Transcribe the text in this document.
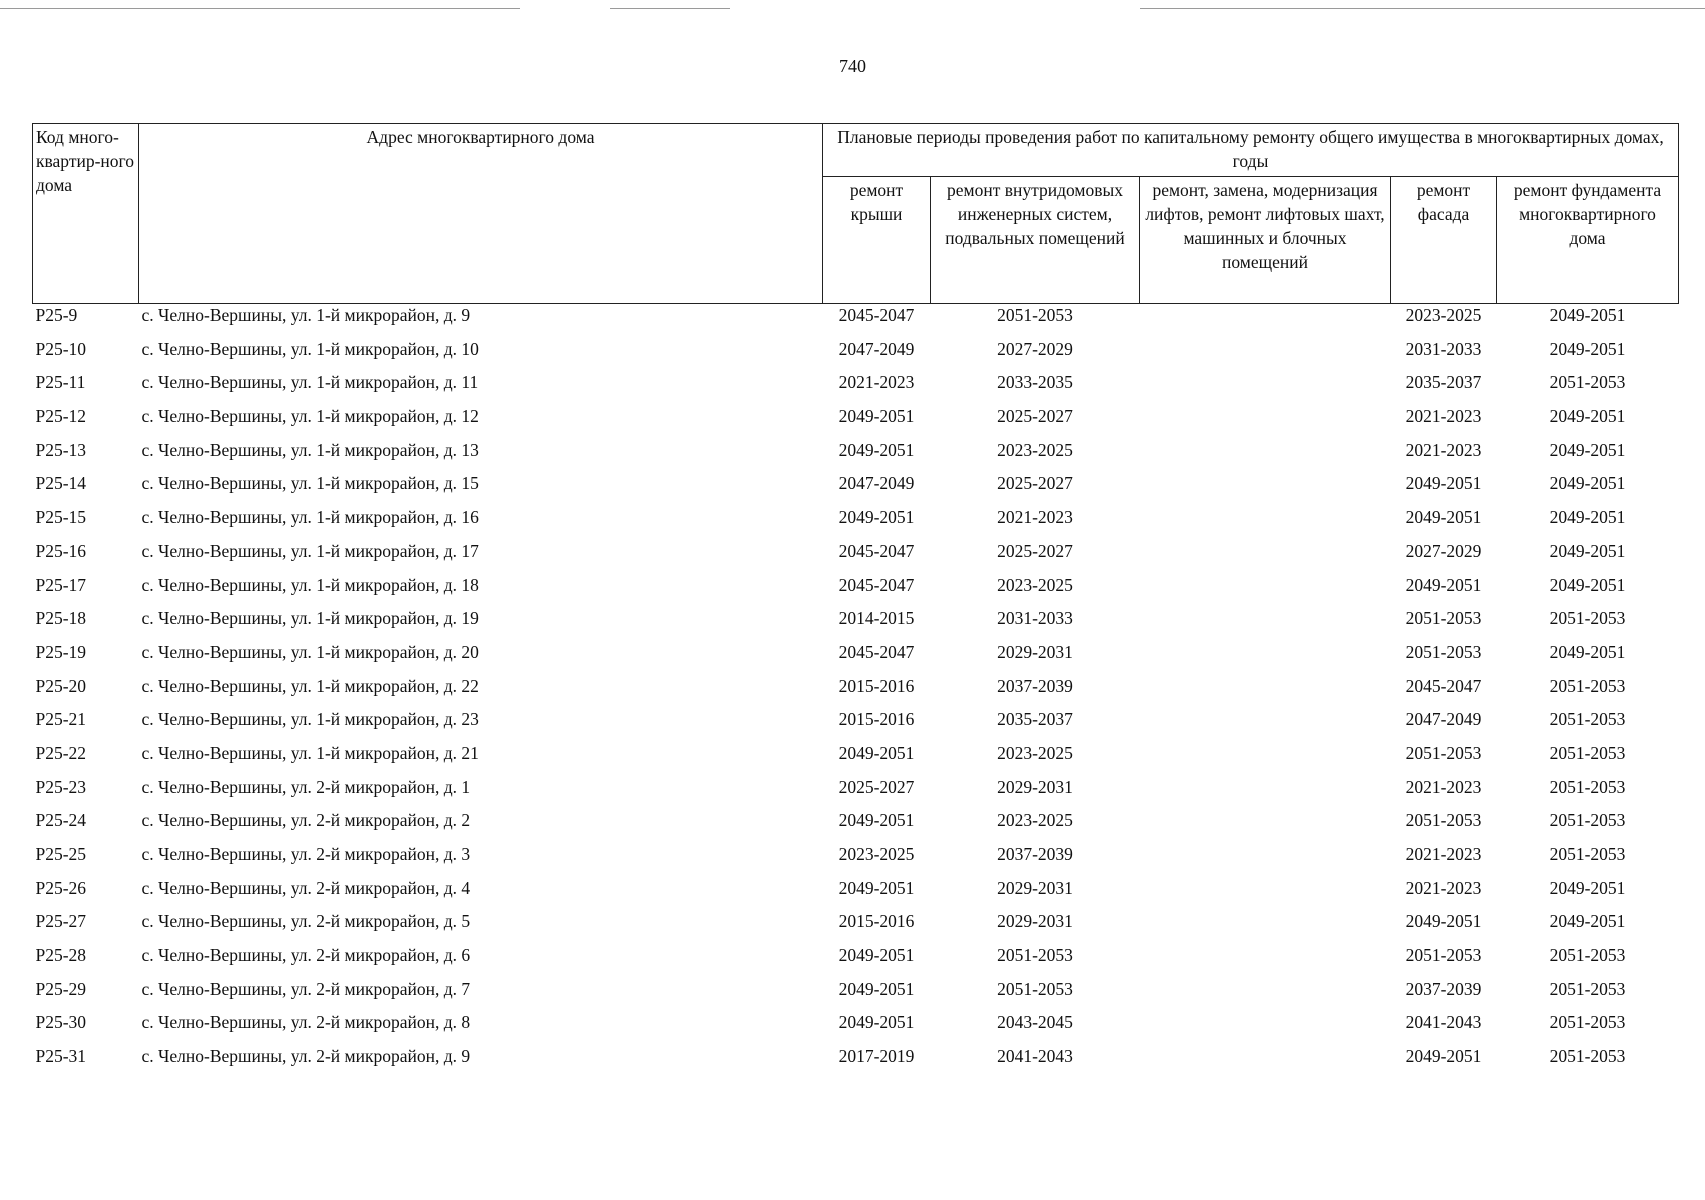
740
Код много-квартир-ного дома	Адрес многоквартирного дома	Плановые периоды проведения работ по капитальному ремонту общего имущества в многоквартирных домах, годы				
		ремонт крыши	ремонт внутридомовых инженерных систем, подвальных помещений	ремонт, замена, модернизация лифтов, ремонт лифтовых шахт, машинных и блочных помещений	ремонт фасада	ремонт фундамента многоквартирного дома
Р25-9	с. Челно-Вершины, ул. 1-й микрорайон, д. 9	2045-2047	2051-2053		2023-2025	2049-2051
Р25-10	с. Челно-Вершины, ул. 1-й микрорайон, д. 10	2047-2049	2027-2029		2031-2033	2049-2051
Р25-11	с. Челно-Вершины, ул. 1-й микрорайон, д. 11	2021-2023	2033-2035		2035-2037	2051-2053
Р25-12	с. Челно-Вершины, ул. 1-й микрорайон, д. 12	2049-2051	2025-2027		2021-2023	2049-2051
Р25-13	с. Челно-Вершины, ул. 1-й микрорайон, д. 13	2049-2051	2023-2025		2021-2023	2049-2051
Р25-14	с. Челно-Вершины, ул. 1-й микрорайон, д. 15	2047-2049	2025-2027		2049-2051	2049-2051
Р25-15	с. Челно-Вершины, ул. 1-й микрорайон, д. 16	2049-2051	2021-2023		2049-2051	2049-2051
Р25-16	с. Челно-Вершины, ул. 1-й микрорайон, д. 17	2045-2047	2025-2027		2027-2029	2049-2051
Р25-17	с. Челно-Вершины, ул. 1-й микрорайон, д. 18	2045-2047	2023-2025		2049-2051	2049-2051
Р25-18	с. Челно-Вершины, ул. 1-й микрорайон, д. 19	2014-2015	2031-2033		2051-2053	2051-2053
Р25-19	с. Челно-Вершины, ул. 1-й микрорайон, д. 20	2045-2047	2029-2031		2051-2053	2049-2051
Р25-20	с. Челно-Вершины, ул. 1-й микрорайон, д. 22	2015-2016	2037-2039		2045-2047	2051-2053
Р25-21	с. Челно-Вершины, ул. 1-й микрорайон, д. 23	2015-2016	2035-2037		2047-2049	2051-2053
Р25-22	с. Челно-Вершины, ул. 1-й микрорайон, д. 21	2049-2051	2023-2025		2051-2053	2051-2053
Р25-23	с. Челно-Вершины, ул. 2-й микрорайон, д. 1	2025-2027	2029-2031		2021-2023	2051-2053
Р25-24	с. Челно-Вершины, ул. 2-й микрорайон, д. 2	2049-2051	2023-2025		2051-2053	2051-2053
Р25-25	с. Челно-Вершины, ул. 2-й микрорайон, д. 3	2023-2025	2037-2039		2021-2023	2051-2053
Р25-26	с. Челно-Вершины, ул. 2-й микрорайон, д. 4	2049-2051	2029-2031		2021-2023	2049-2051
Р25-27	с. Челно-Вершины, ул. 2-й микрорайон, д. 5	2015-2016	2029-2031		2049-2051	2049-2051
Р25-28	с. Челно-Вершины, ул. 2-й микрорайон, д. 6	2049-2051	2051-2053		2051-2053	2051-2053
Р25-29	с. Челно-Вершины, ул. 2-й микрорайон, д. 7	2049-2051	2051-2053		2037-2039	2051-2053
Р25-30	с. Челно-Вершины, ул. 2-й микрорайон, д. 8	2049-2051	2043-2045		2041-2043	2051-2053
Р25-31	с. Челно-Вершины, ул. 2-й микрорайон, д. 9	2017-2019	2041-2043		2049-2051	2051-2053
